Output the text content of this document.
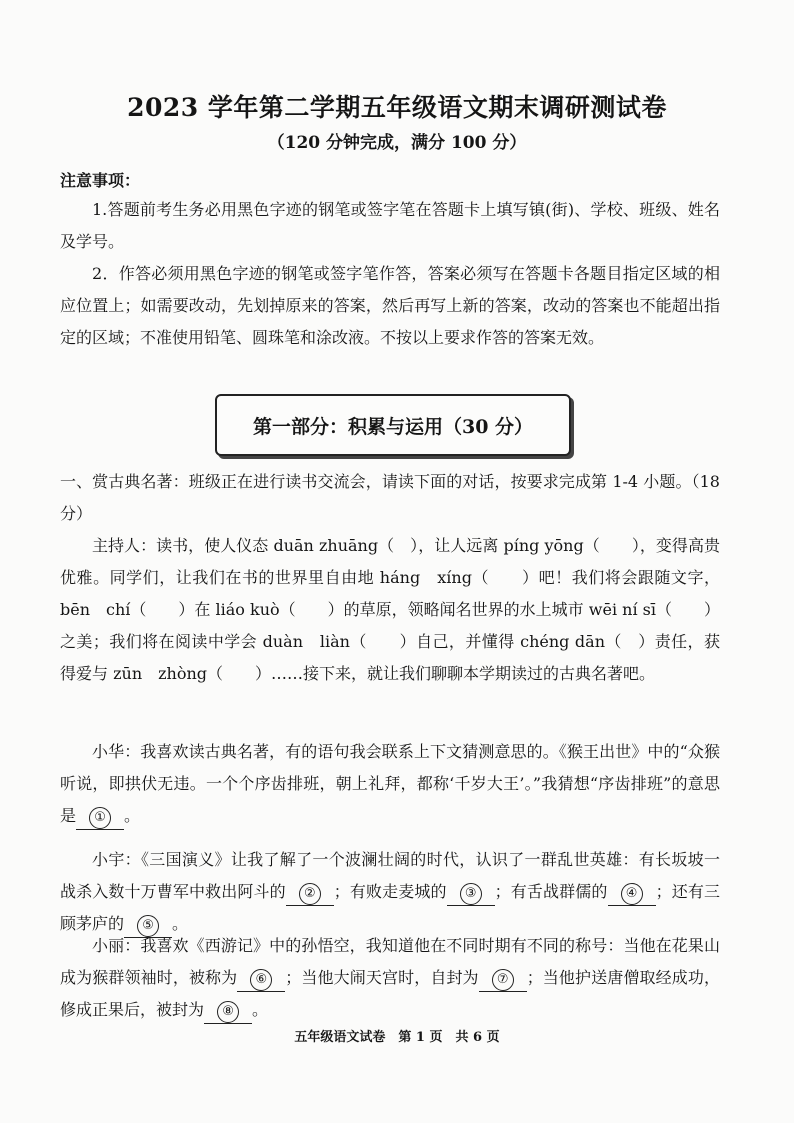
2023 学年第二学期五年级语文期末调研测试卷
（120 分钟完成，满分 100 分）
注意事项：
1.答题前考生务必用黑色字迹的钢笔或签字笔在答题卡上填写镇(街)、学校、班级、姓名及学号。
2．作答必须用黑色字迹的钢笔或签字笔作答，答案必须写在答题卡各题目指定区域的相应位置上；如需要改动，先划掉原来的答案，然后再写上新的答案，改动的答案也不能超出指定的区域；不准使用铅笔、圆珠笔和涂改液。不按以上要求作答的答案无效。
第一部分：积累与运用（30 分）
一、赏古典名著：班级正在进行读书交流会，请读下面的对话，按要求完成第 1-4 小题。（18 分）
主持人：读书，使人仪态 duān zhuāng（　），让人远离 píng yōng（　　），变得高贵优雅。同学们，让我们在书的世界里自由地 háng　xíng（　　）吧！我们将会跟随文字，bēn　chí（　　）在 liáo kuò（　　）的草原，领略闻名世界的水上城市 wēi ní sī（　　）之美；我们将在阅读中学会 duàn　liàn（　　）自己，并懂得 chéng dān（　）责任，获得爱与 zūn　zhòng（　　）……接下来，就让我们聊聊本学期读过的古典名著吧。
小华：我喜欢读古典名著，有的语句我会联系上下文猜测意思的。《猴王出世》中的“众猴听说，即拱伏无违。一个个序齿排班，朝上礼拜，都称‘千岁大王’。”我猜想“序齿排班”的意思是 ① 。
小宇：《三国演义》让我了解了一个波澜壮阔的时代，认识了一群乱世英雄：有长坂坡一战杀入数十万曹军中救出阿斗的 ② ；有败走麦城的 ③ ；有舌战群儒的 ④ ；还有三顾茅庐的 ⑤ 。
小丽：我喜欢《西游记》中的孙悟空，我知道他在不同时期有不同的称号：当他在花果山成为猴群领袖时，被称为 ⑥ ；当他大闹天宫时，自封为 ⑦ ；当他护送唐僧取经成功，修成正果后，被封为 ⑧ 。
五年级语文试卷　第 1 页　共 6 页
